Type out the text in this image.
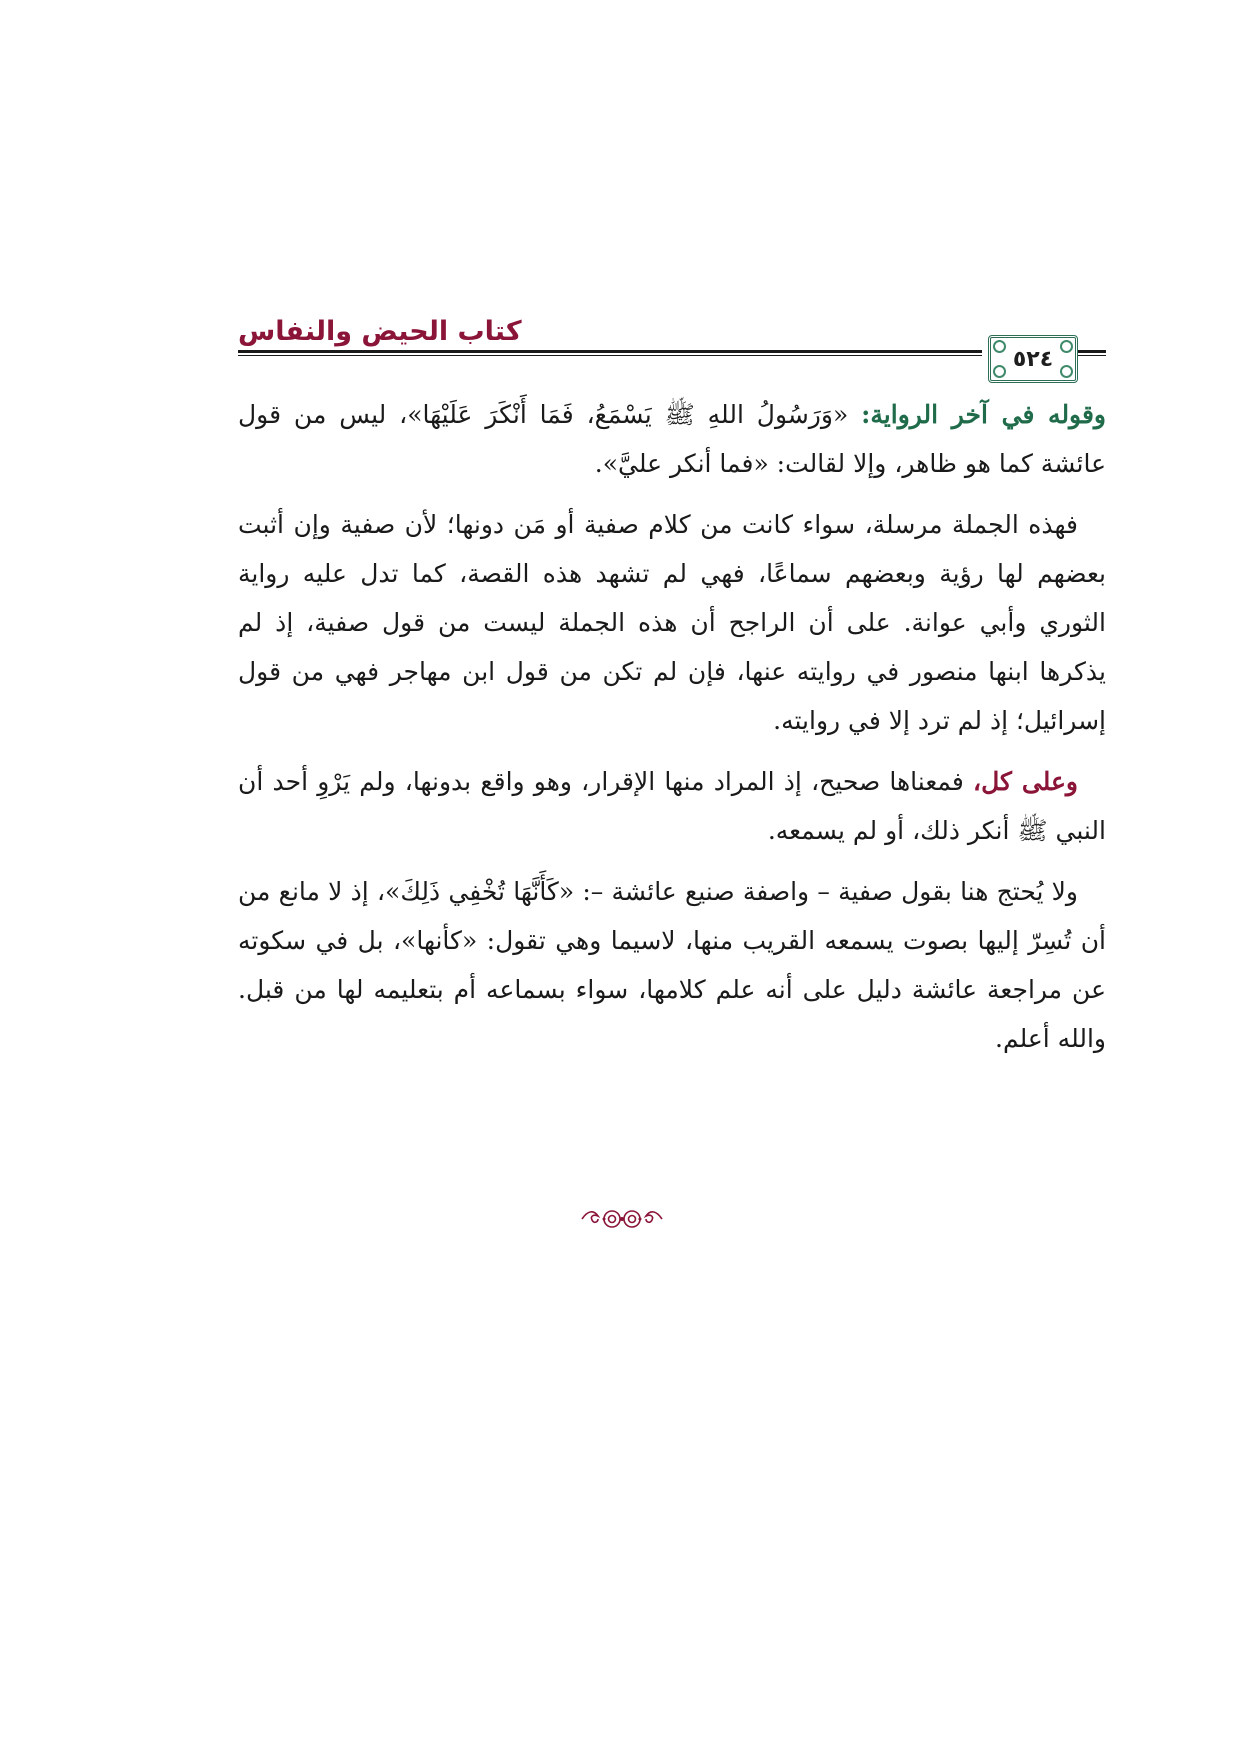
كتاب الحيض والنفاس
٥٢٤

وقوله في آخر الرواية: «وَرَسُولُ اللهِ ﷺ يَسْمَعُ، فَمَا أَنْكَرَ عَلَيْهَا»، ليس من قول عائشة كما هو ظاهر، وإلا لقالت: «فما أنكر عليَّ».

فهذه الجملة مرسلة، سواء كانت من كلام صفية أو مَن دونها؛ لأن صفية وإن أثبت بعضهم لها رؤية وبعضهم سماعًا، فهي لم تشهد هذه القصة، كما تدل عليه رواية الثوري وأبي عوانة. على أن الراجح أن هذه الجملة ليست من قول صفية، إذ لم يذكرها ابنها منصور في روايته عنها، فإن لم تكن من قول ابن مهاجر فهي من قول إسرائيل؛ إذ لم ترد إلا في روايته.

وعلى كل، فمعناها صحيح، إذ المراد منها الإقرار، وهو واقع بدونها، ولم يَرْوِ أحد أن النبي ﷺ أنكر ذلك، أو لم يسمعه.

ولا يُحتج هنا بقول صفية – واصفة صنيع عائشة –: «كَأَنَّهَا تُخْفِي ذَلِكَ»، إذ لا مانع من أن تُسِرّ إليها بصوت يسمعه القريب منها، لاسيما وهي تقول: «كأنها»، بل في سكوته عن مراجعة عائشة دليل على أنه علم كلامها، سواء بسماعه أم بتعليمه لها من قبل. والله أعلم.
